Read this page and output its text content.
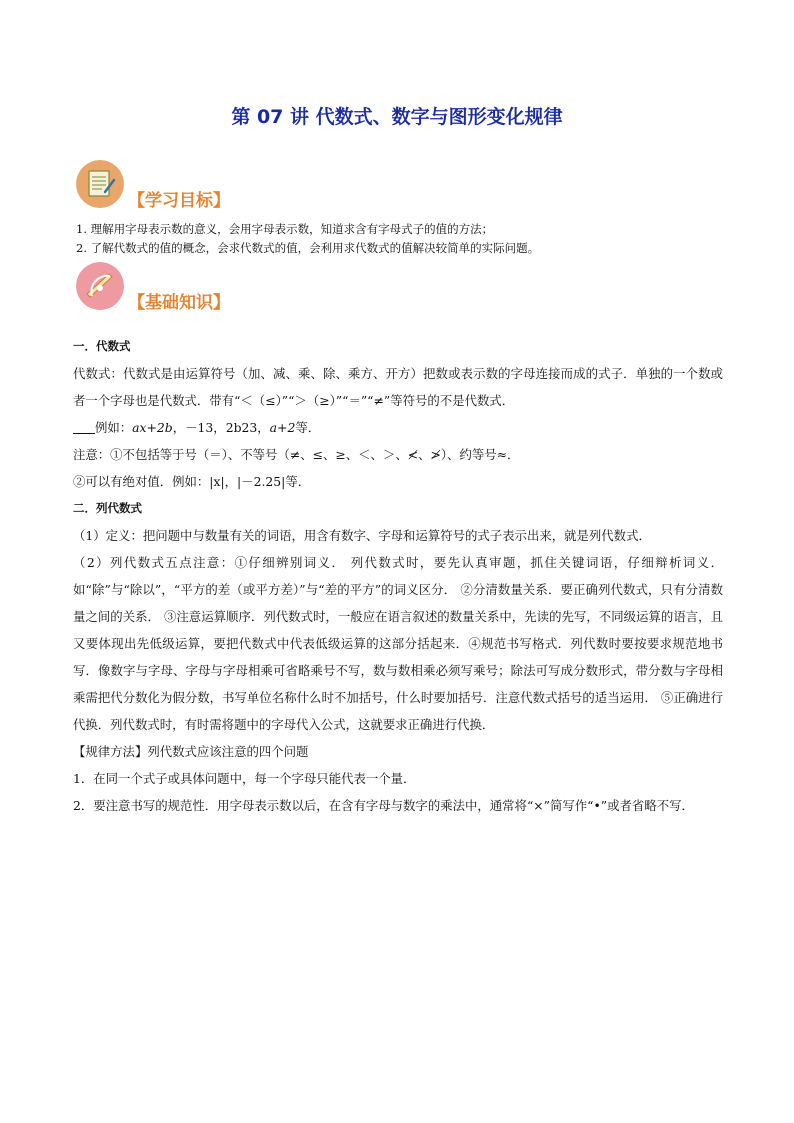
第 07 讲 代数式、数字与图形变化规律
【学习目标】

1. 理解用字母表示数的意义，会用字母表示数，知道求含有字母式子的值的方法；

2. 了解代数式的值的概念，会求代数式的值，会利用求代数式的值解决较简单的实际问题。

【基础知识】

一．代数式

代数式：代数式是由运算符号（加、减、乘、除、乘方、开方）把数或表示数的字母连接而成的式子．单独的一个数或者一个字母也是代数式．带有“＜（≤）”“＞（≥）”“＝”“≠”等符号的不是代数式．

例如：ax+2b，－13，2b23，a+2等．

注意：①不包括等于号（＝）、不等号（≠、≤、≥、＜、＞、≮、≯）、约等号≈．

②可以有绝对值．例如：|x|，|－2.25|等．

二．列代数式

（1）定义：把问题中与数量有关的词语，用含有数字、字母和运算符号的式子表示出来，就是列代数式．

（2）列代数式五点注意：①仔细辨别词义． 列代数式时，要先认真审题，抓住关键词语，仔细辩析词义．如“除”与“除以”，“平方的差（或平方差）”与“差的平方”的词义区分． ②分清数量关系．要正确列代数式，只有分清数量之间的关系． ③注意运算顺序．列代数式时，一般应在语言叙述的数量关系中，先读的先写，不同级运算的语言，且又要体现出先低级运算，要把代数式中代表低级运算的这部分括起来．④规范书写格式．列代数时要按要求规范地书写．像数字与字母、字母与字母相乘可省略乘号不写，数与数相乘必须写乘号；除法可写成分数形式，带分数与字母相乘需把代分数化为假分数，书写单位名称什么时不加括号，什么时要加括号．注意代数式括号的适当运用． ⑤正确进行代换．列代数式时，有时需将题中的字母代入公式，这就要求正确进行代换．

【规律方法】列代数式应该注意的四个问题

1．在同一个式子或具体问题中，每一个字母只能代表一个量．

2．要注意书写的规范性．用字母表示数以后，在含有字母与数字的乘法中，通常将“×”简写作“•”或者省略不写．
